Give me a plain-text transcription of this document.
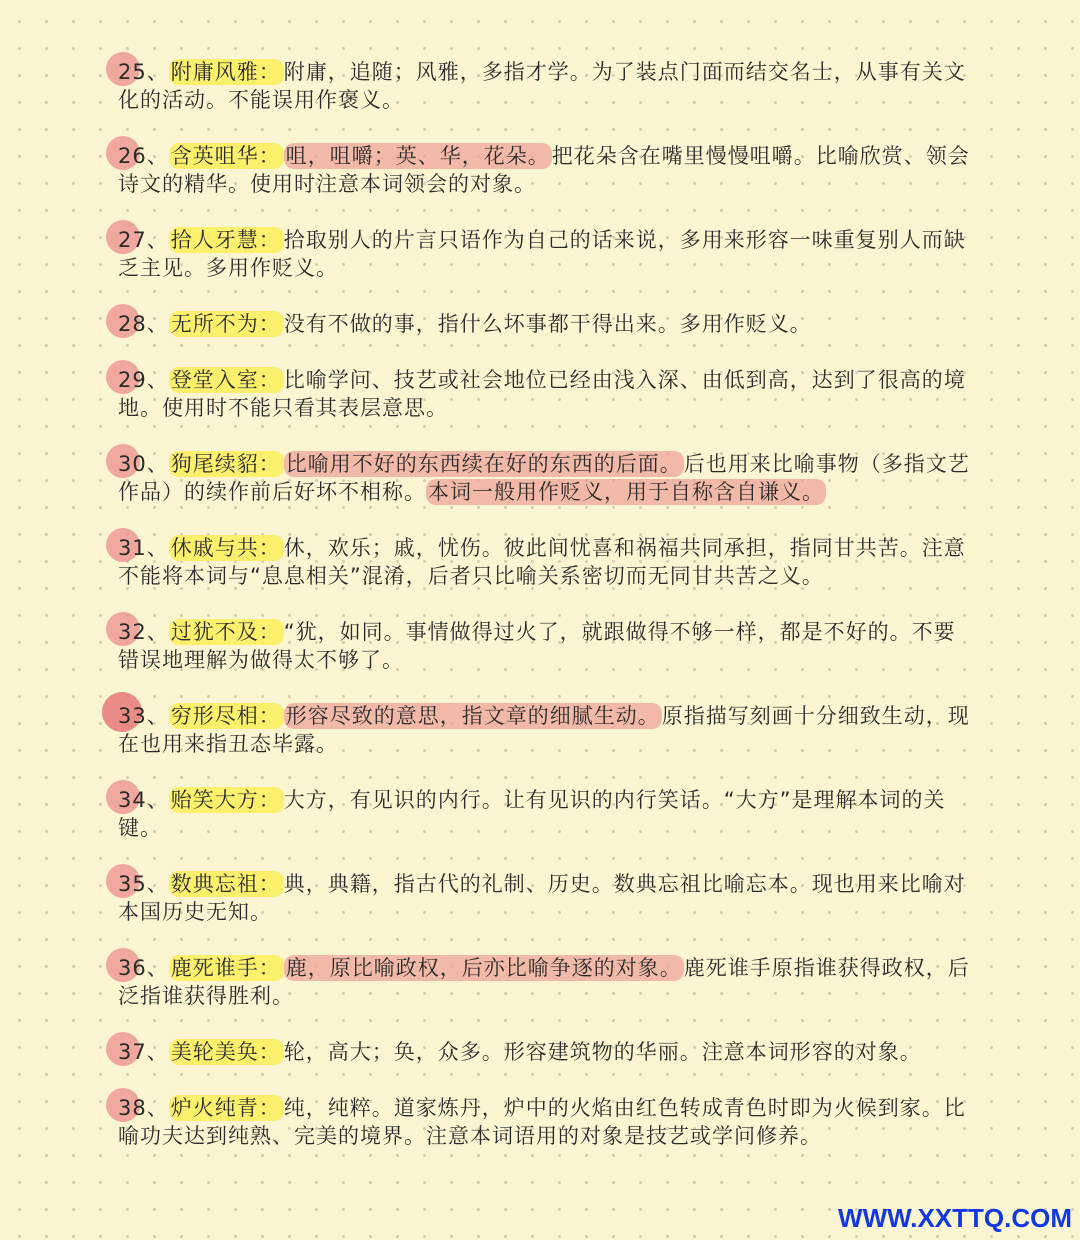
25、附庸风雅： 附庸，追随；风雅，多指才学。为了装点门面而结交名士，从事有关文化的活动。不能误用作褒义。
26、含英咀华： 咀，咀嚼；英、华，花朵。把花朵含在嘴里慢慢咀嚼。比喻欣赏、领会诗文的精华。使用时注意本词领会的对象。
27、拾人牙慧： 拾取别人的片言只语作为自己的话来说，多用来形容一味重复别人而缺乏主见。多用作贬义。
28、无所不为： 没有不做的事，指什么坏事都干得出来。多用作贬义。
29、登堂入室： 比喻学问、技艺或社会地位已经由浅入深、由低到高，达到了很高的境地。使用时不能只看其表层意思。
30、狗尾续貂： 比喻用不好的东西续在好的东西的后面。后也用来比喻事物（多指文艺作品）的续作前后好坏不相称。本词一般用作贬义，用于自称含自谦义。
31、休戚与共： 休，欢乐；戚，忧伤。彼此间忧喜和祸福共同承担，指同甘共苦。注意不能将本词与“息息相关”混淆，后者只比喻关系密切而无同甘共苦之义。
32、过犹不及： “犹，如同。事情做得过火了，就跟做得不够一样，都是不好的。不要错误地理解为做得太不够了。
33、穷形尽相： 形容尽致的意思，指文章的细腻生动。原指描写刻画十分细致生动，现在也用来指丑态毕露。
34、贻笑大方： 大方，有见识的内行。让有见识的内行笑话。“大方”是理解本词的关键。
35、数典忘祖： 典，典籍，指古代的礼制、历史。数典忘祖比喻忘本。现也用来比喻对本国历史无知。
36、鹿死谁手： 鹿，原比喻政权，后亦比喻争逐的对象。鹿死谁手原指谁获得政权，后泛指谁获得胜利。
37、美轮美奂： 轮，高大；奂，众多。形容建筑物的华丽。注意本词形容的对象。
38、炉火纯青： 纯，纯粹。道家炼丹，炉中的火焰由红色转成青色时即为火候到家。比喻功夫达到纯熟、完美的境界。注意本词语用的对象是技艺或学问修养。
WWW.XXTTQ.COM
